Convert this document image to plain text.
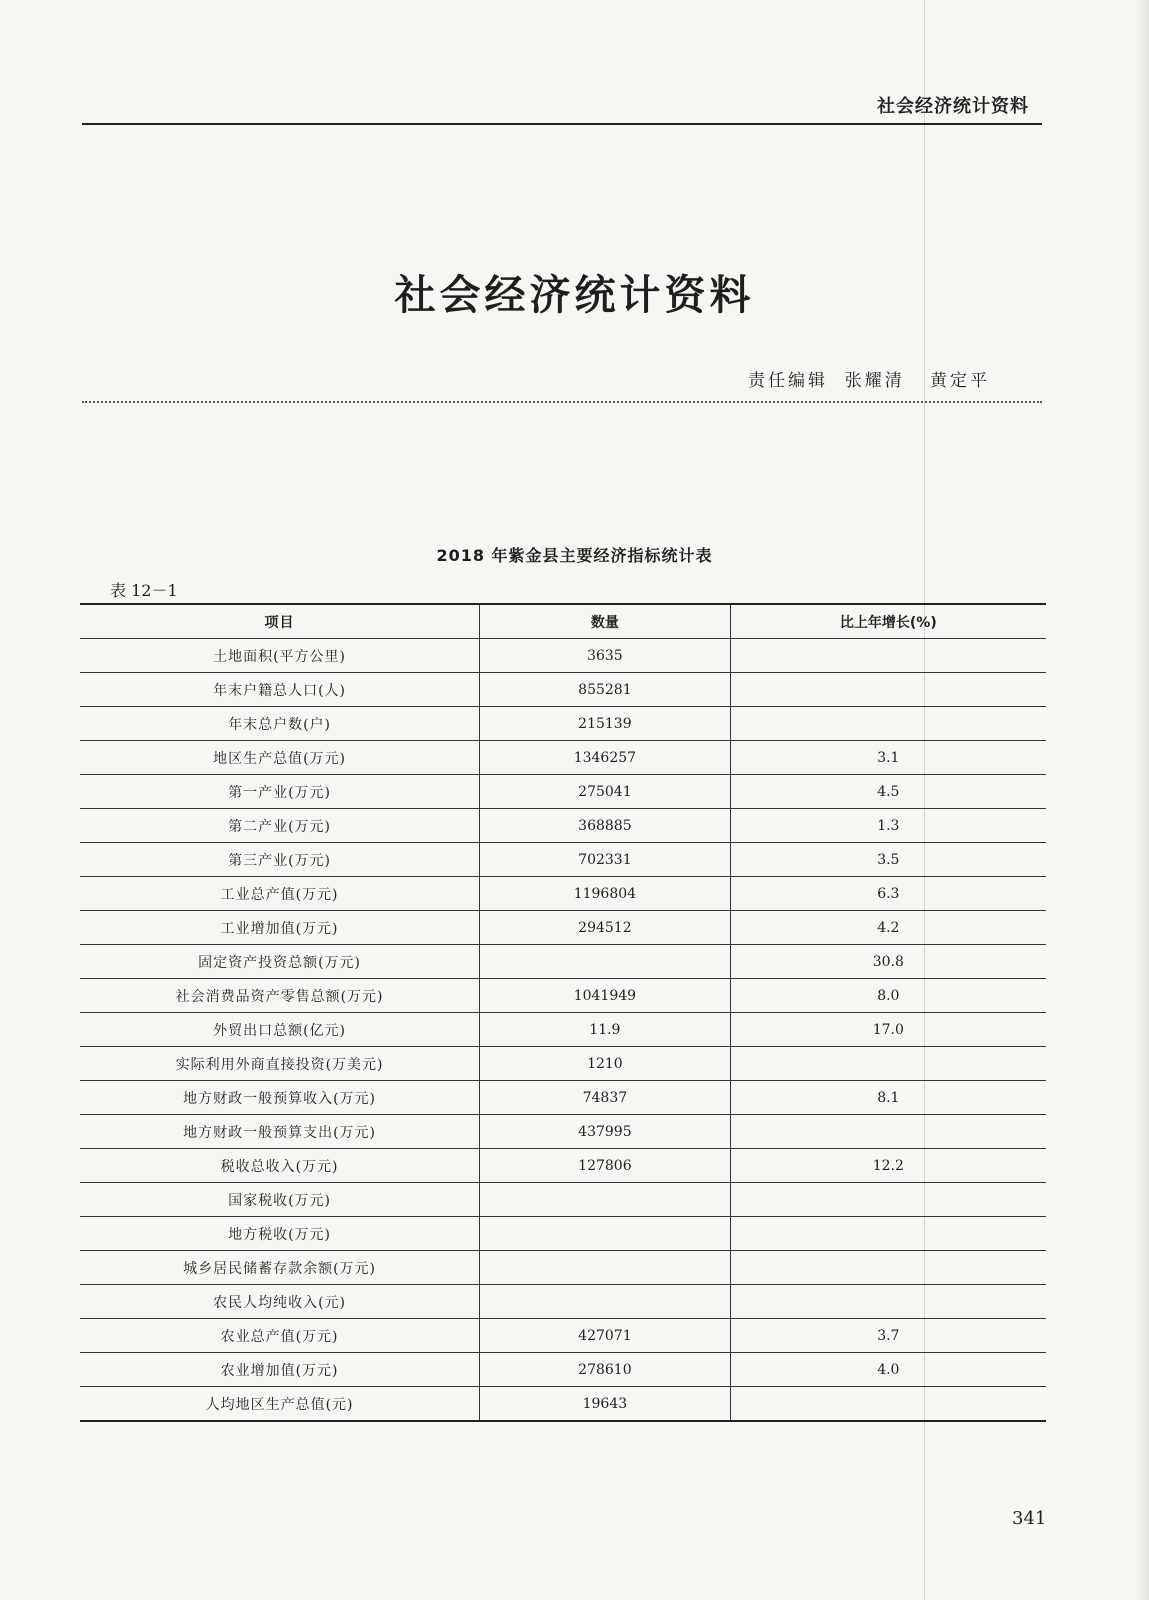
社会经济统计资料
社会经济统计资料
责任编辑  张耀清   黄定平
2018 年紫金县主要经济指标统计表
表 12－1
项目	数量	比上年增长(%)
土地面积(平方公里)	3635	
年末户籍总人口(人)	855281	
年末总户数(户)	215139	
地区生产总值(万元)	1346257	3.1
第一产业(万元)	275041	4.5
第二产业(万元)	368885	1.3
第三产业(万元)	702331	3.5
工业总产值(万元)	1196804	6.3
工业增加值(万元)	294512	4.2
固定资产投资总额(万元)		30.8
社会消费品资产零售总额(万元)	1041949	8.0
外贸出口总额(亿元)	11.9	17.0
实际利用外商直接投资(万美元)	1210	
地方财政一般预算收入(万元)	74837	8.1
地方财政一般预算支出(万元)	437995	
税收总收入(万元)	127806	12.2
国家税收(万元)		
地方税收(万元)		
城乡居民储蓄存款余额(万元)		
农民人均纯收入(元)		
农业总产值(万元)	427071	3.7
农业增加值(万元)	278610	4.0
人均地区生产总值(元)	19643	
341
